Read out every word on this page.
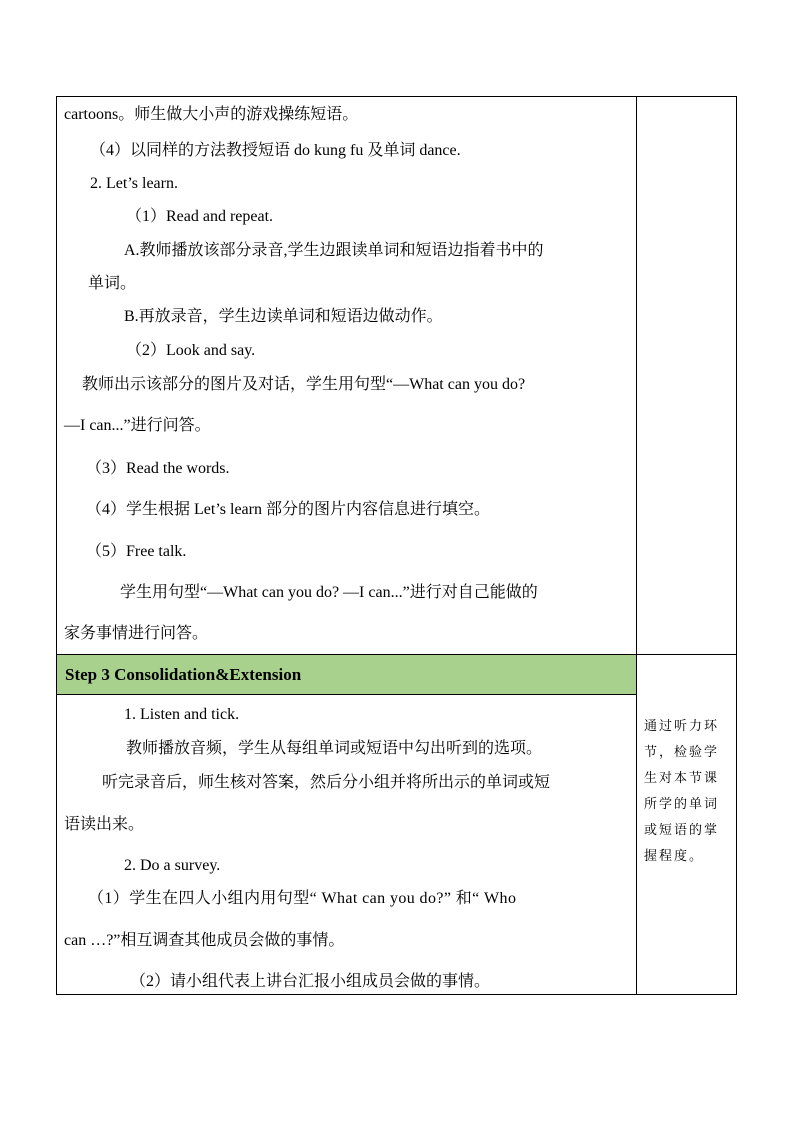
cartoons。师生做大小声的游戏操练短语。
（4）以同样的方法教授短语 do kung fu 及单词 dance.
2. Let’s learn.
（1）Read and repeat.
A.教师播放该部分录音,学生边跟读单词和短语边指着书中的
单词。
B.再放录音，学生边读单词和短语边做动作。
（2）Look and say.
教师出示该部分的图片及对话，学生用句型“—What can you do?
—I can...”进行问答。
（3）Read the words.
（4）学生根据 Let’s learn 部分的图片内容信息进行填空。
（5）Free talk.
学生用句型“—What can you do? —I can...”进行对自己能做的
家务事情进行问答。
Step 3 Consolidation&Extension
1. Listen and tick.
教师播放音频，学生从每组单词或短语中勾出听到的选项。
听完录音后，师生核对答案，然后分小组并将所出示的单词或短
语读出来。
2. Do a survey.
（1）学生在四人小组内用句型“ What can you do?” 和“ Who
can …?”相互调查其他成员会做的事情。
（2）请小组代表上讲台汇报小组成员会做的事情。
通过听力环
节，检验学
生对本节课
所学的单词
或短语的掌
握程度。
